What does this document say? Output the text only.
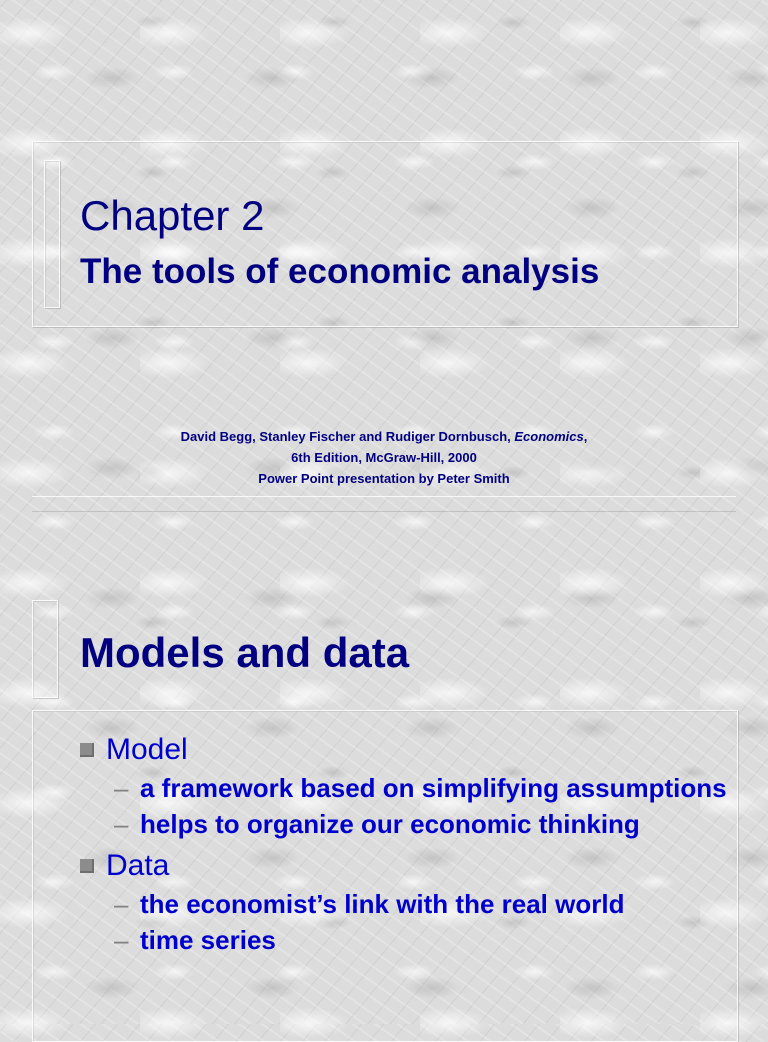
Chapter 2
The tools of economic analysis
David Begg, Stanley Fischer and Rudiger Dornbusch, Economics,
6th Edition, McGraw-Hill, 2000
Power Point presentation by Peter Smith
Models and data
Model
– a framework based on simplifying assumptions
– helps to organize our economic thinking
Data
– the economist’s link with the real world
– time series
